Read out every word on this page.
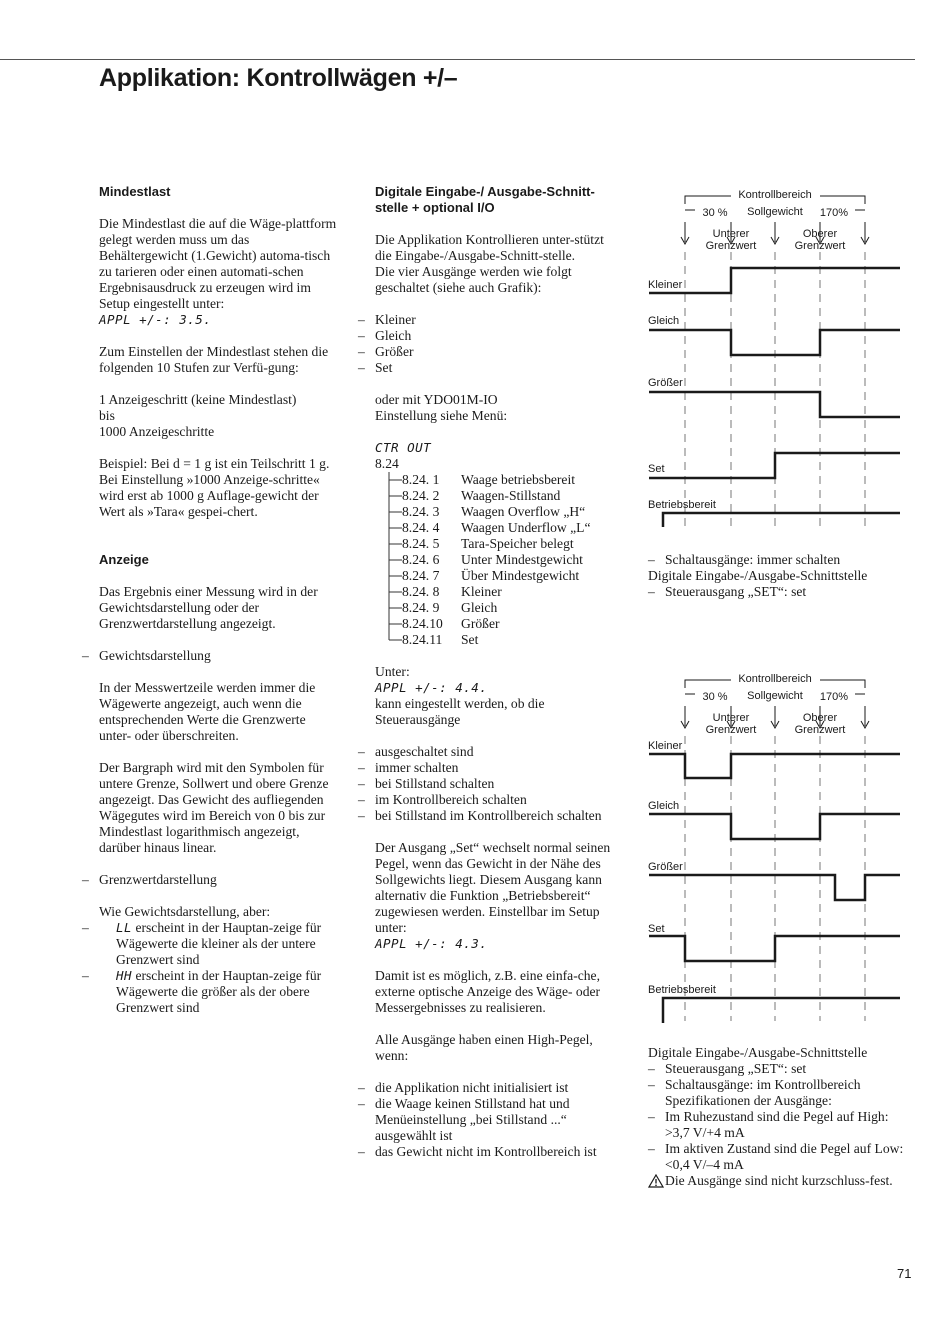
Applikation: Kontrollwägen +/–

Mindestlast

Die Mindestlast die auf die Wäge-plattform gelegt werden muss um das Behältergewicht (1.Gewicht) automa-tisch zu tarieren oder einen automati-schen Ergebnisausdruck zu erzeugen wird im Setup eingestellt unter:

APPL +/-: 3.5.

Zum Einstellen der Mindestlast stehen die folgenden 10 Stufen zur Verfü-gung:

1 Anzeigeschritt (keine Mindestlast)

bis

1000 Anzeigeschritte

Beispiel: Bei d = 1 g ist ein Teilschritt 1 g. Bei Einstellung »1000 Anzeige-schritte« wird erst ab 1000 g Auflage-gewicht der Wert als »Tara« gespei-chert.

Anzeige

Das Ergebnis einer Messung wird in der Gewichtsdarstellung oder der Grenzwertdarstellung angezeigt.

– Gewichtsdarstellung

In der Messwertzeile werden immer die Wägewerte angezeigt, auch wenn die entsprechenden Werte die Grenzwerte unter- oder überschreiten.

Der Bargraph wird mit den Symbolen für untere Grenze, Sollwert und obere Grenze angezeigt. Das Gewicht des aufliegenden Wägegutes wird im Bereich von 0 bis zur Mindestlast logarithmisch angezeigt, darüber hinaus linear.

– Grenzwertdarstellung

Wie Gewichtsdarstellung, aber:

– LL erscheint in der Hauptan-zeige für Wägewerte die kleiner als der untere Grenzwert sind

– HH erscheint in der Hauptan-zeige für Wägewerte die größer als der obere Grenzwert sind

Digitale Eingabe-/ Ausgabe-Schnitt-stelle + optional I/O

Die Applikation Kontrollieren unter-stützt die Eingabe-/Ausgabe-Schnitt-stelle.

Die vier Ausgänge werden wie folgt geschaltet (siehe auch Grafik):

– Kleiner

– Gleich

– Größer

– Set

oder mit YDO01M-IO

Einstellung siehe Menü:

CTR OUT

8.24

8.24. 1 Waage betriebsbereit
8.24. 2 Waagen-Stillstand
8.24. 3 Waagen Overflow „H“
8.24. 4 Waagen Underflow „L“
8.24. 5 Tara-Speicher belegt
8.24. 6 Unter Mindestgewicht
8.24. 7 Über Mindestgewicht
8.24. 8 Kleiner
8.24. 9 Gleich
8.24.10 Größer
8.24.11 Set

Unter:

APPL +/-: 4.4.

kann eingestellt werden, ob die Steuerausgänge

– ausgeschaltet sind

– immer schalten

– bei Stillstand schalten

– im Kontrollbereich schalten

– bei Stillstand im Kontrollbereich schalten

Der Ausgang „Set“ wechselt normal seinen Pegel, wenn das Gewicht in der Nähe des Sollgewichts liegt. Diesem Ausgang kann alternativ die Funktion „Betriebsbereit“ zugewiesen werden. Einstellbar im Setup unter:

APPL +/-: 4.3.

Damit ist es möglich, z.B. eine einfa-che, externe optische Anzeige des Wäge- oder Messergebnisses zu realisieren.

Alle Ausgänge haben einen High-Pegel, wenn:

– die Applikation nicht initialisiert ist

– die Waage keinen Stillstand hat und Menüeinstellung „bei Stillstand ...“ ausgewählt ist

– das Gewicht nicht im Kontrollbereich ist

Kontrollbereich
30 % Sollgewicht 170%
Unterer
Grenzwert
Oberer
Grenzwert
Kleiner
Gleich
Größer
Set
Betriebsbereit

– Schaltausgänge: immer schalten

Digitale Eingabe-/Ausgabe-Schnittstelle

– Steuerausgang „SET“: set

Kontrollbereich
30 % Sollgewicht 170%
Unterer
Grenzwert
Oberer
Grenzwert
Kleiner
Gleich
Größer
Set
Betriebsbereit

Digitale Eingabe-/Ausgabe-Schnittstelle

– Steuerausgang „SET“: set

– Schaltausgänge: im Kontrollbereich

Spezifikationen der Ausgänge:

– Im Ruhezustand sind die Pegel auf High: >3,7 V/+4 mA

– Im aktiven Zustand sind die Pegel auf Low: <0,4 V/–4 mA

Die Ausgänge sind nicht kurzschluss-fest.

71
